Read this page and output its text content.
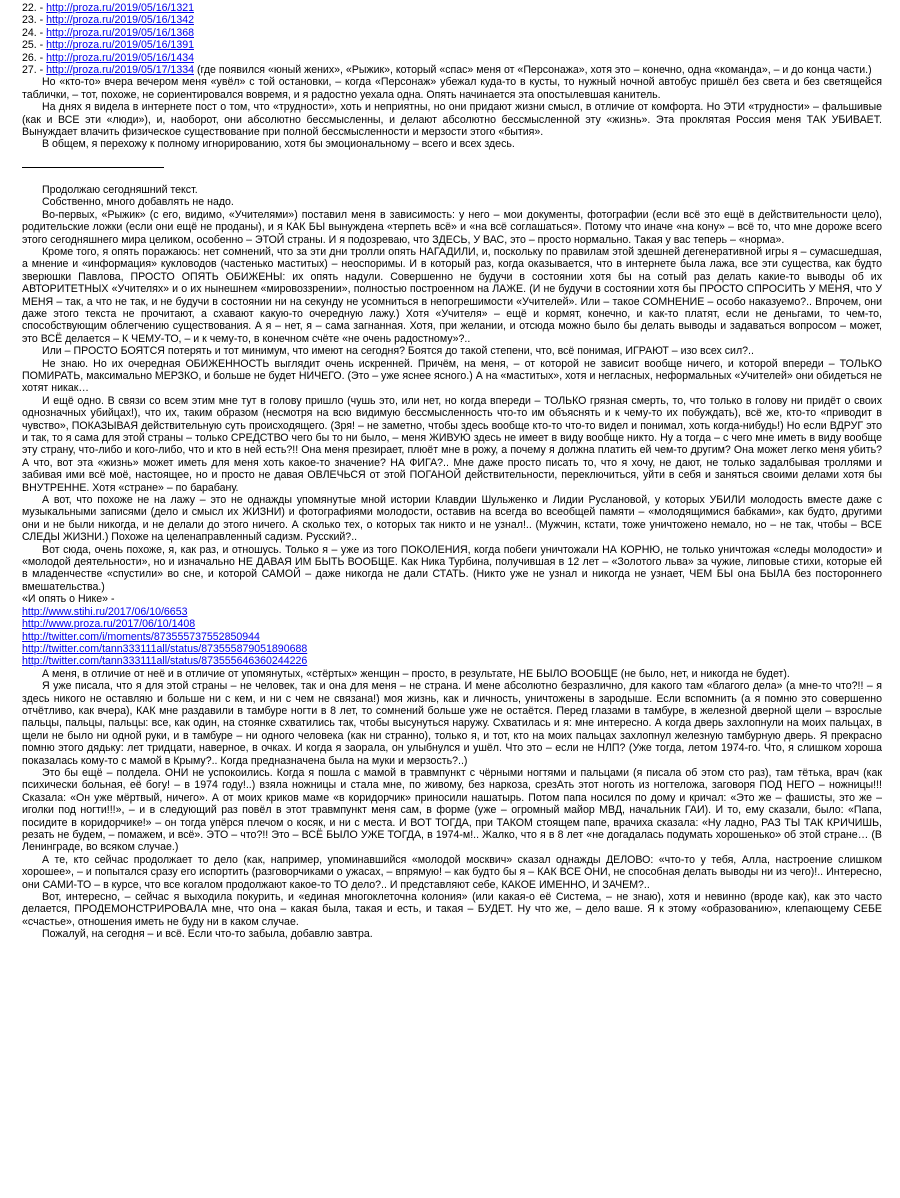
22. - http://proza.ru/2019/05/16/1321

23. - http://proza.ru/2019/05/16/1342

24. - http://proza.ru/2019/05/16/1368

25. - http://proza.ru/2019/05/16/1391

26. - http://proza.ru/2019/05/16/1434

27. - http://proza.ru/2019/05/17/1334 (где появился «юный жених», «Рыжик», который «спас» меня от «Персонажа», хотя это – конечно, одна «команда», – и до конца части.)

Но «кто-то» вчера вечером меня «увёл» с той остановки, – когда «Персонаж» убежал куда-то в кусты, то нужный ночной автобус пришёл без света и без светящейся таблички, – тот, похоже, не сориентировался вовремя, и я радостно уехала одна. Опять начинается эта опостылевшая канитель.

На днях я видела в интернете пост о том, что «трудности», хоть и неприятны, но они придают жизни смысл, в отличие от комфорта. Но ЭТИ «трудности» – фальшивые (как и ВСЕ эти «люди»), и, наоборот, они абсолютно бессмысленны, и делают абсолютно бессмысленной эту «жизнь». Эта проклятая Россия меня ТАК УБИВАЕТ. Вынуждает влачить физическое существование при полной бессмысленности и мерзости этого «бытия».

В общем, я перехожу к полному игнорированию, хотя бы эмоциональному – всего и всех здесь.

Продолжаю сегодняшний текст.

Собственно, много добавлять не надо.

Во-первых, «Рыжик» (с его, видимо, «Учителями») поставил меня в зависимость: у него – мои документы, фотографии (если всё это ещё в действительности цело), родительские ложки (если они ещё не проданы), и я КАК БЫ вынуждена «терпеть всё» и «на всё соглашаться». Потому что иначе «на кону» – всё то, что мне дороже всего этого сегодняшнего мира целиком, особенно – ЭТОЙ страны. И я подозреваю, что ЗДЕСЬ, У ВАС, это – просто нормально. Такая у вас теперь – «норма».

Кроме того, я опять поражаюсь: нет сомнений, что за эти дни тролли опять НАГАДИЛИ, и, поскольку по правилам этой здешней дегенеративной игры я – сумасшедшая, а мнение и «информация» кукловодов (частенько маститых) – неоспоримы. И в который раз, когда оказывается, что в интернете была лажа, все эти существа, как будто зверюшки Павлова, ПРОСТО ОПЯТЬ ОБИЖЕНЫ: их опять надули. Совершенно не будучи в состоянии хотя бы на сотый раз делать какие-то выводы об их АВТОРИТЕТНЫХ «Учителях» и о их нынешнем «мировоззрении», полностью построенном на ЛАЖЕ. (И не будучи в состоянии хотя бы ПРОСТО СПРОСИТЬ У МЕНЯ, что У МЕНЯ – так, а что не так, и не будучи в состоянии ни на секунду не усомниться в непогрешимости «Учителей». Или – такое СОМНЕНИЕ – особо наказуемо?.. Впрочем, они даже этого текста не прочитают, а схавают какую-то очередную лажу.) Хотя «Учителя» – ещё и кормят, конечно, и как-то платят, если не деньгами, то чем-то, способствующим облегчению существования. А я – нет, я – сама загнанная. Хотя, при желании, и отсюда можно было бы делать выводы и задаваться вопросом – может, это ВСЁ делается – К ЧЕМУ-ТО, – и к чему-то, в конечном счёте «не очень радостному»?..

Или – ПРОСТО БОЯТСЯ потерять и тот минимум, что имеют на сегодня? Боятся до такой степени, что, всё понимая, ИГРАЮТ – изо всех сил?..

Не знаю. Но их очередная ОБИЖЕННОСТЬ выглядит очень искренней. Причём, на меня, – от которой не зависит вообще ничего, и которой впереди – ТОЛЬКО ПОМИРАТЬ, максимально МЕРЗКО, и больше не будет НИЧЕГО. (Это – уже яснее ясного.) А на «маститых», хотя и негласных, неформальных «Учителей» они обидеться не хотят никак…

И ещё одно. В связи со всем этим мне тут в голову пришло (чушь это, или нет, но когда впереди – ТОЛЬКО грязная смерть, то, что только в голову ни придёт о своих однозначных убийцах!), что их, таким образом (несмотря на всю видимую бессмысленность что-то им объяснять и к чему-то их побуждать), всё же, кто-то «приводит в чувство», ПОКАЗЫВАЯ действительную суть происходящего. (Зря! – не заметно, чтобы здесь вообще кто-то что-то видел и понимал, хоть когда-нибудь!) Но если ВДРУГ это и так, то я сама для этой страны – только СРЕДСТВО чего бы то ни было, – меня ЖИВУЮ здесь не имеет в виду вообще никто. Ну а тогда – с чего мне иметь в виду вообще эту страну, что-либо и кого-либо, что и кто в ней есть?!! Она меня презирает, плюёт мне в рожу, а почему я должна платить ей чем-то другим? Она может легко меня убить? А что, вот эта «жизнь» может иметь для меня хоть какое-то значение? НА ФИГА?.. Мне даже просто писать то, что я хочу, не дают, не только задалбывая троллями и забивая ими всё моё, настоящее, но и просто не давая ОВЛЕЧЬСЯ от этой ПОГАНОЙ действительности, переключиться, уйти в себя и заняться своими делами хотя бы ВНУТРЕННЕ. Хотя «стране» – по барабану.

А вот, что похоже не на лажу – это не однажды упомянутые мной истории Клавдии Шульженко и Лидии Руслановой, у которых УБИЛИ молодость вместе даже с музыкальными записями (дело и смысл их ЖИЗНИ) и фотографиями молодости, оставив на всегда во всеобщей памяти – «молодящимися бабками», как будто, другими они и не были никогда, и не делали до этого ничего. А сколько тех, о которых так никто и не узнал!.. (Мужчин, кстати, тоже уничтожено немало, но – не так, чтобы – ВСЕ СЛЕДЫ ЖИЗНИ.) Похоже на целенаправленный садизм. Русский?..

Вот сюда, очень похоже, я, как раз, и отношусь. Только я – уже из того ПОКОЛЕНИЯ, когда побеги уничтожали НА КОРНЮ, не только уничтожая «следы молодости» и «молодой деятельности», но и изначально НЕ ДАВАЯ ИМ БЫТЬ ВООБЩЕ. Как Ника Турбина, получившая в 12 лет – «Золотого льва» за чужие, липовые стихи, которые ей в младенчестве «спустили» во сне, и которой САМОЙ – даже никогда не дали СТАТЬ. (Никто уже не узнал и никогда не узнает, ЧЕМ БЫ она БЫЛА без постороннего вмешательства.)

«И опять о Нике» -

http://www.stihi.ru/2017/06/10/6653

http://www.proza.ru/2017/06/10/1408

http://twitter.com/i/moments/873555737552850944

http://twitter.com/tann333111all/status/873555879051890688

http://twitter.com/tann333111all/status/873555646360244226

А меня, в отличие от неё и в отличие от упомянутых, «стёртых» женщин – просто, в результате, НЕ БЫЛО ВООБЩЕ (не было, нет, и никогда не будет).

Я уже писала, что я для этой страны – не человек, так и она для меня – не страна. И мене абсолютно безразлично, для какого там «благого дела» (а мне-то что?!! – я здесь никого не оставляю и больше ни с кем, и ни с чем не связана!) моя жизнь, как и личность, уничтожены в зародыше. Если вспомнить (а я помню это совершенно отчётливо, как вчера), КАК мне раздавили в тамбуре ногти в 8 лет, то сомнений больше уже не остаётся. Перед глазами в тамбуре, в железной дверной щели – взрослые пальцы, пальцы, пальцы: все, как один, на стоянке схватились так, чтобы высунуться наружу. Схватилась и я: мне интересно. А когда дверь захлопнули на моих пальцах, в щели не было ни одной руки, и в тамбуре – ни одного человека (как ни странно), только я, и тот, кто на моих пальцах захлопнул железную тамбурную дверь. Я прекрасно помню этого дядьку: лет тридцати, наверное, в очках. И когда я заорала, он улыбнулся и ушёл. Что это – если не НЛП? (Уже тогда, летом 1974-го. Что, я слишком хороша показалась кому-то с мамой в Крыму?.. Когда предназначена была на муки и мерзость?..)

Это бы ещё – полдела. ОНИ не успокоились. Когда я пошла с мамой в травмпункт с чёрными ногтями и пальцами (я писала об этом сто раз), там тётька, врач (как психически больная, её богу! – в 1974 году!..) взяла ножницы и стала мне, по живому, без наркоза, срезАть этот ноготь из ногтеложа, заговоря ПОД НЕГО – ножницы!!! Сказала: «Он уже мёртвый, ничего». А от моих криков маме «в коридорчик» приносили нашатырь. Потом папа носился по дому и кричал: «Это же – фашисты, это же – иголки под ногти!!!», – и в следующий раз повёл в этот травмпункт меня сам, в форме (уже – огромный майор МВД, начальник ГАИ). И то, ему сказали, было: «Папа, посидите в коридорчике!» – он тогда упёрся плечом о косяк, и ни с места. И ВОТ ТОГДА, при ТАКОМ стоящем папе, врачиха сказала: «Ну ладно, РАЗ ТЫ ТАК КРИЧИШЬ, резать не будем, – помажем, и всё». ЭТО – что?!! Это – ВСЁ БЫЛО УЖЕ ТОГДА, в 1974-м!.. Жалко, что я в 8 лет «не догадалась подумать хорошенько» об этой стране… (В Ленинграде, во всяком случае.)

А те, кто сейчас продолжает то дело (как, например, упоминавшийся «молодой москвич» сказал однажды ДЕЛОВО: «что-то у тебя, Алла, настроение слишком хорошее», – и попытался сразу его испортить (разговорчиками о ужасах, – впрямую! – как будто бы я – КАК ВСЕ ОНИ, не способная делать выводы ни из чего)!.. Интересно, они САМИ-ТО – в курсе, что все когалом продолжают какое-то ТО дело?.. И представляют себе, КАКОЕ ИМЕННО, И ЗАЧЕМ?..

Вот, интересно, – сейчас я выходила покурить, и «единая многоклеточна колония» (или какая-о её Система, – не знаю), хотя и невинно (вроде как), как это часто делается, ПРОДЕМОНСТРИРОВАЛА мне, что она – какая была, такая и есть, и такая – БУДЕТ. Ну что же, – дело ваше. Я к этому «образованию», клепающему СЕБЕ «счастье», отношения иметь не буду ни в каком случае.

Пожалуй, на сегодня – и всё. Если что-то забыла, добавлю завтра.
